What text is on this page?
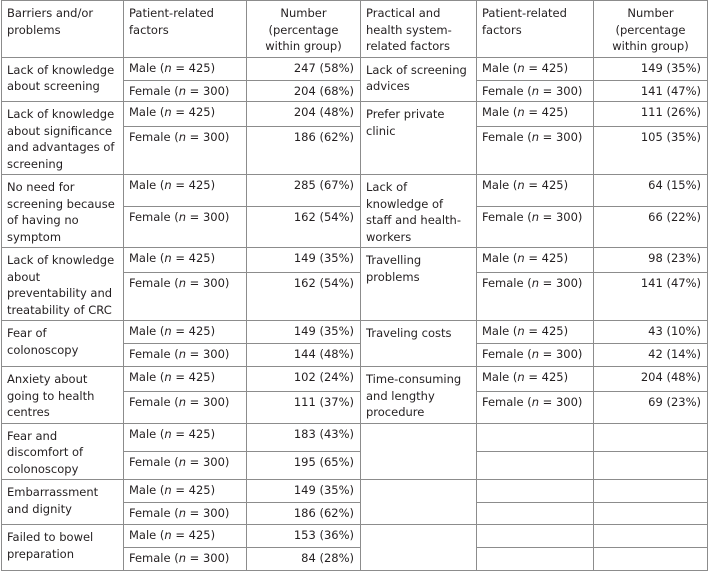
Barriers and/or problems	Patient-related factors	Number (percentage within group)	Practical and health system-related factors	Patient-related factors	Number (percentage within group)
Lack of knowledge about screening	Male (n = 425)	247 (58%)	Lack of screening advices	Male (n = 425)	149 (35%)
	Female (n = 300)	204 (68%)		Female (n = 300)	141 (47%)
Lack of knowledge about significance and advantages of screening	Male (n = 425)	204 (48%)	Prefer private clinic	Male (n = 425)	111 (26%)
	Female (n = 300)	186 (62%)		Female (n = 300)	105 (35%)
No need for screening because of having no symptom	Male (n = 425)	285 (67%)	Lack of knowledge of staff and health-workers	Male (n = 425)	64 (15%)
	Female (n = 300)	162 (54%)		Female (n = 300)	66 (22%)
Lack of knowledge about preventability and treatability of CRC	Male (n = 425)	149 (35%)	Travelling problems	Male (n = 425)	98 (23%)
	Female (n = 300)	162 (54%)		Female (n = 300)	141 (47%)
Fear of colonoscopy	Male (n = 425)	149 (35%)	Traveling costs	Male (n = 425)	43 (10%)
	Female (n = 300)	144 (48%)		Female (n = 300)	42 (14%)
Anxiety about going to health centres	Male (n = 425)	102 (24%)	Time-consuming and lengthy procedure	Male (n = 425)	204 (48%)
	Female (n = 300)	111 (37%)		Female (n = 300)	69 (23%)
Fear and discomfort of colonoscopy	Male (n = 425)	183 (43%)			
	Female (n = 300)	195 (65%)			
Embarrassment and dignity	Male (n = 425)	149 (35%)			
	Female (n = 300)	186 (62%)			
Failed to bowel preparation	Male (n = 425)	153 (36%)			
	Female (n = 300)	84 (28%)			
